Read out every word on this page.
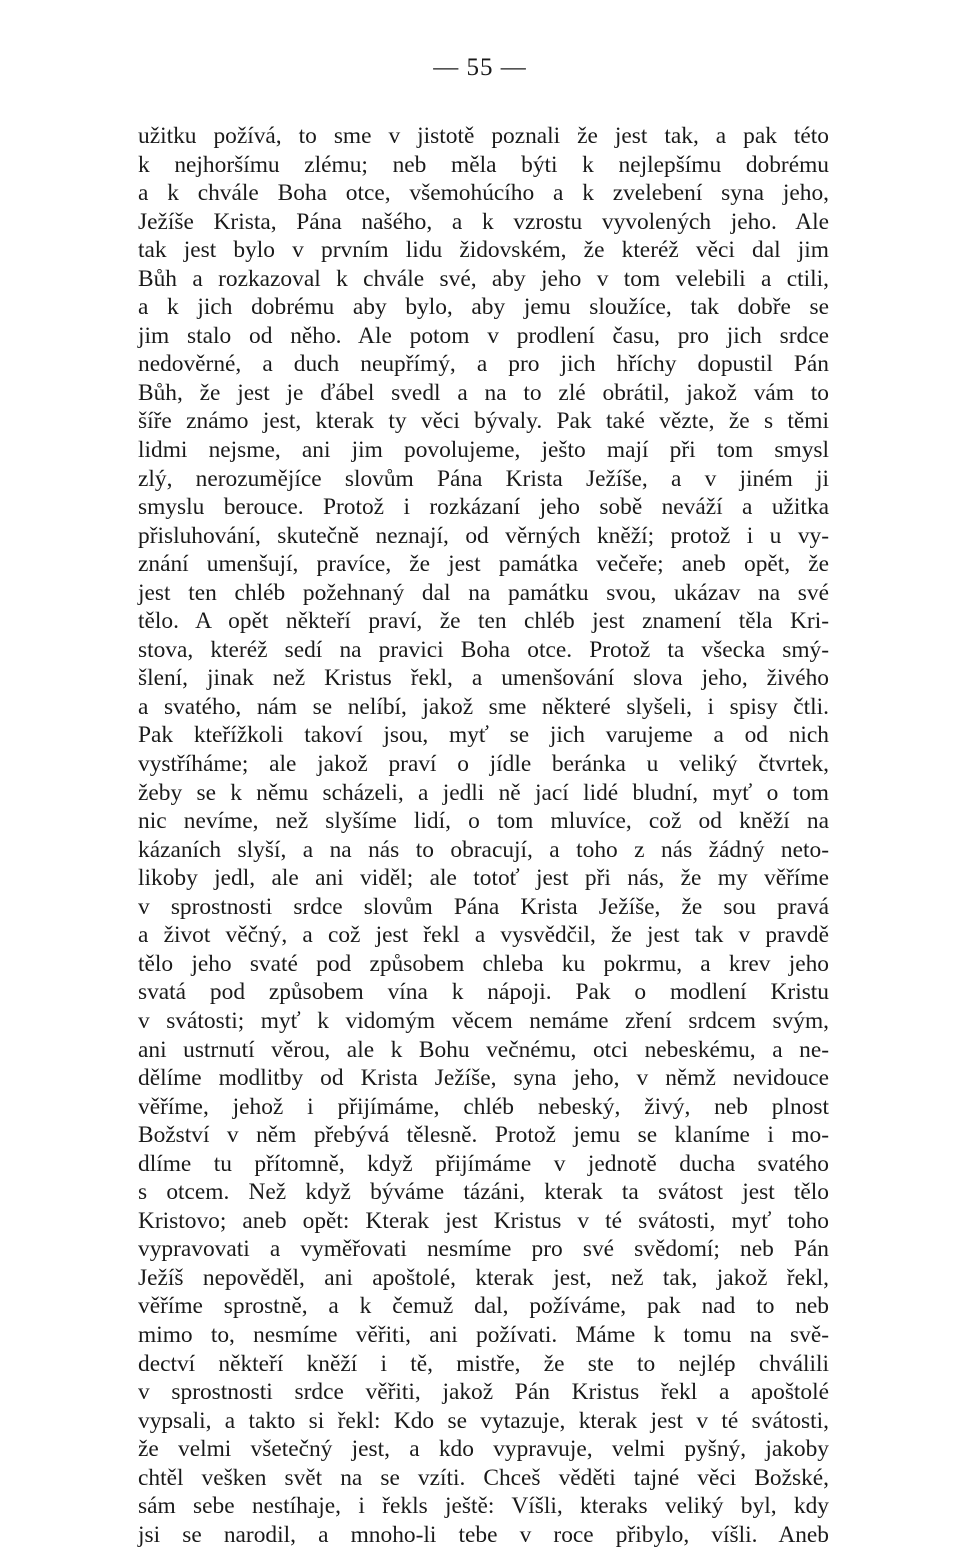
— 55 —
užitku požívá, to sme v jistotě poznali že jest tak, a pak této
k nejhoršímu zlému; neb měla býti k nejlepšímu dobrému
a k chvále Boha otce, všemohúcího a k zvelebení syna jeho,
Ježíše Krista, Pána našého, a k vzrostu vyvolených jeho. Ale
tak jest bylo v prvním lidu židovském, že kteréž věci dal jim
Bůh a rozkazoval k chvále své, aby jeho v tom velebili a ctili,
a k jich dobrému aby bylo, aby jemu sloužíce, tak dobře se
jim stalo od něho. Ale potom v prodlení času, pro jich srdce
nedověrné, a duch neupřímý, a pro jich hříchy dopustil Pán
Bůh, že jest je ďábel svedl a na to zlé obrátil, jakož vám to
šíře známo jest, kterak ty věci bývaly. Pak také vězte, že s těmi
lidmi nejsme, ani jim povolujeme, ješto mají při tom smysl
zlý, nerozumějíce slovům Pána Krista Ježíše, a v jiném ji
smyslu berouce. Protož i rozkázaní jeho sobě neváží a užitka
přisluhování, skutečně neznají, od věrných kněží; protož i u vy-
znání umenšují, pravíce, že jest památka večeře; aneb opět, že
jest ten chléb požehnaný dal na památku svou, ukázav na své
tělo. A opět někteří praví, že ten chléb jest znamení těla Kri-
stova, kteréž sedí na pravici Boha otce. Protož ta všecka smý-
šlení, jinak než Kristus řekl, a umenšování slova jeho, živého
a svatého, nám se nelíbí, jakož sme některé slyšeli, i spisy čtli.
Pak kteřížkoli takoví jsou, myť se jich varujeme a od nich
vystříháme; ale jakož praví o jídle beránka u veliký čtvrtek,
žeby se k němu scházeli, a jedli ně jací lidé bludní, myť o tom
nic nevíme, než slyšíme lidí, o tom mluvíce, což od kněží na
kázaních slyší, a na nás to obracují, a toho z nás žádný neto-
likoby jedl, ale ani viděl; ale totoť jest při nás, že my věříme
v sprostnosti srdce slovům Pána Krista Ježíše, že sou pravá
a život věčný, a což jest řekl a vysvědčil, že jest tak v pravdě
tělo jeho svaté pod způsobem chleba ku pokrmu, a krev jeho
svatá pod způsobem vína k nápoji. Pak o modlení Kristu
v svátosti; myť k vidomým věcem nemáme zření srdcem svým,
ani ustrnutí věrou, ale k Bohu večnému, otci nebeskému, a ne-
dělíme modlitby od Krista Ježíše, syna jeho, v němž nevidouce
věříme, jehož i přijímáme, chléb nebeský, živý, neb plnost
Božství v něm přebývá tělesně. Protož jemu se klaníme i mo-
dlíme tu přítomně, když přijímáme v jednotě ducha svatého
s otcem. Než když býváme tázáni, kterak ta svátost jest tělo
Kristovo; aneb opět: Kterak jest Kristus v té svátosti, myť toho
vypravovati a vyměřovati nesmíme pro své svědomí; neb Pán
Ježíš nepověděl, ani apoštolé, kterak jest, než tak, jakož řekl,
věříme sprostně, a k čemuž dal, požíváme, pak nad to neb
mimo to, nesmíme věřiti, ani požívati. Máme k tomu na svě-
dectví někteří kněží i tě, mistře, že ste to nejlép chválili
v sprostnosti srdce věřiti, jakož Pán Kristus řekl a apoštolé
vypsali, a takto si řekl: Kdo se vytazuje, kterak jest v té svátosti,
že velmi všetečný jest, a kdo vypravuje, velmi pyšný, jakoby
chtěl vešken svět na se vzíti. Chceš věděti tajné věci Božské,
sám sebe nestíhaje, i řekls ještě: Víšli, kteraks veliký byl, kdy
jsi se narodil, a mnoho-li tebe v roce přibylo, víšli. Aneb
